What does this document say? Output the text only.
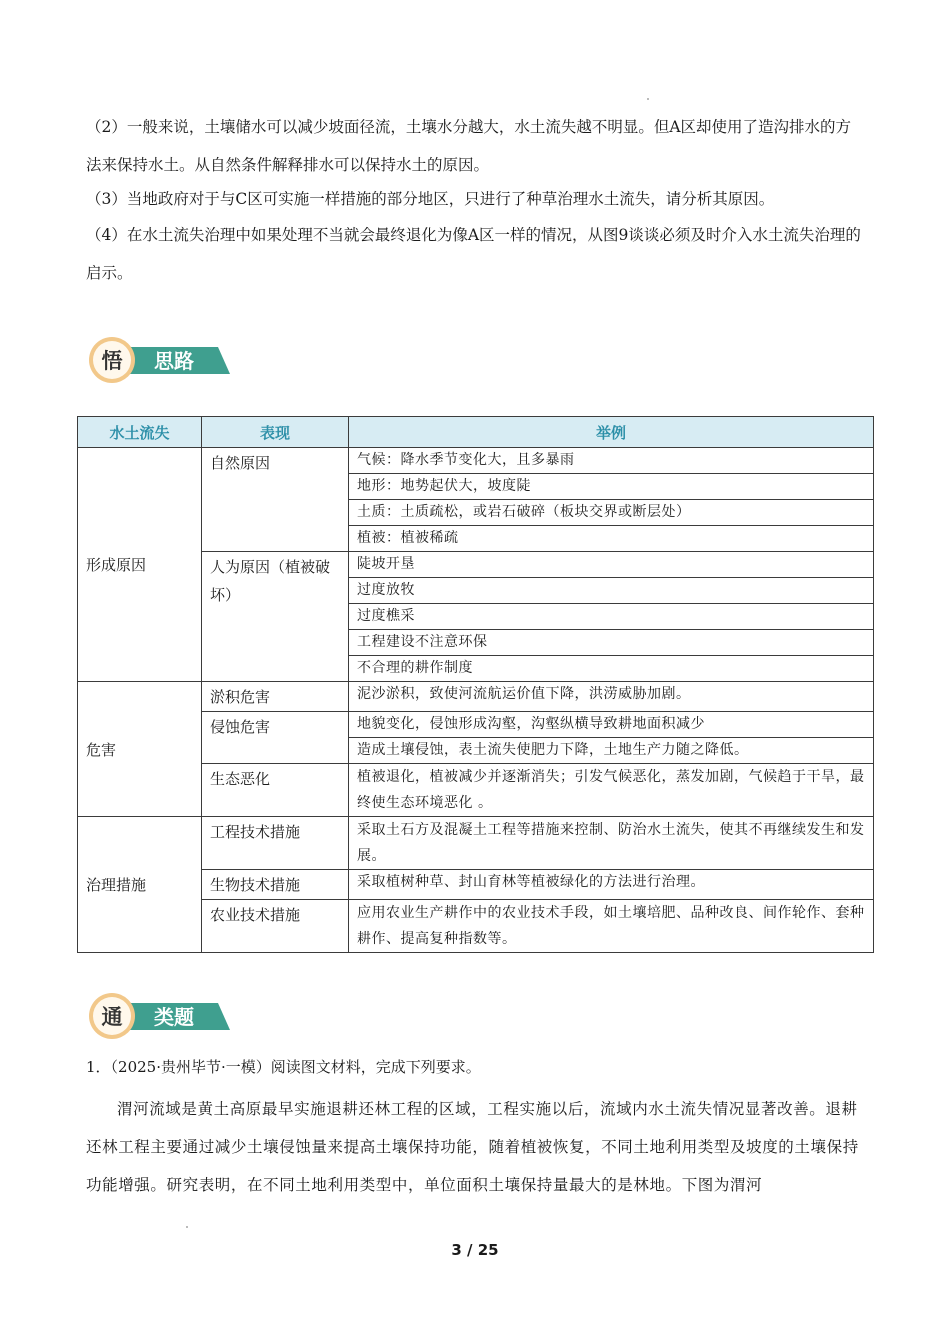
（2）一般来说，土壤储水可以减少坡面径流，土壤水分越大，水土流失越不明显。但A区却使用了造沟排水的方法来保持水土。从自然条件解释排水可以保持水土的原因。

（3）当地政府对于与C区可实施一样措施的部分地区，只进行了种草治理水土流失，请分析其原因。

（4）在水土流失治理中如果处理不当就会最终退化为像A区一样的情况，从图9谈谈必须及时介入水土流失治理的启示。

悟 思路
水土流失	表现	举例
形成原因	自然原因	气候：降水季节变化大，且多暴雨
		地形：地势起伏大，坡度陡
		土质：土质疏松，或岩石破碎（板块交界或断层处）
		植被：植被稀疏
	人为原因（植被破坏）	陡坡开垦
		过度放牧
		过度樵采
		工程建设不注意环保
		不合理的耕作制度
危害	淤积危害	泥沙淤积，致使河流航运价值下降，洪涝威胁加剧。
	侵蚀危害	地貌变化，侵蚀形成沟壑，沟壑纵横导致耕地面积减少
		造成土壤侵蚀，表土流失使肥力下降，土地生产力随之降低。
	生态恶化	植被退化，植被减少并逐渐消失；引发气候恶化，蒸发加剧，气候趋于干旱，最终使生态环境恶化 。
治理措施	工程技术措施	采取土石方及混凝土工程等措施来控制、防治水土流失，使其不再继续发生和发展。
	生物技术措施	采取植树种草、封山育林等植被绿化的方法进行治理。
	农业技术措施	应用农业生产耕作中的农业技术手段，如土壤培肥、品种改良、间作轮作、套种耕作、提高复种指数等。
通 类题
1．（2025·贵州毕节·一模）阅读图文材料，完成下列要求。

渭河流域是黄土高原最早实施退耕还林工程的区域，工程实施以后，流域内水土流失情况显著改善。退耕还林工程主要通过减少土壤侵蚀量来提高土壤保持功能，随着植被恢复，不同土地利用类型及坡度的土壤保持功能增强。研究表明，在不同土地利用类型中，单位面积土壤保持量最大的是林地。下图为渭河

3 / 25
